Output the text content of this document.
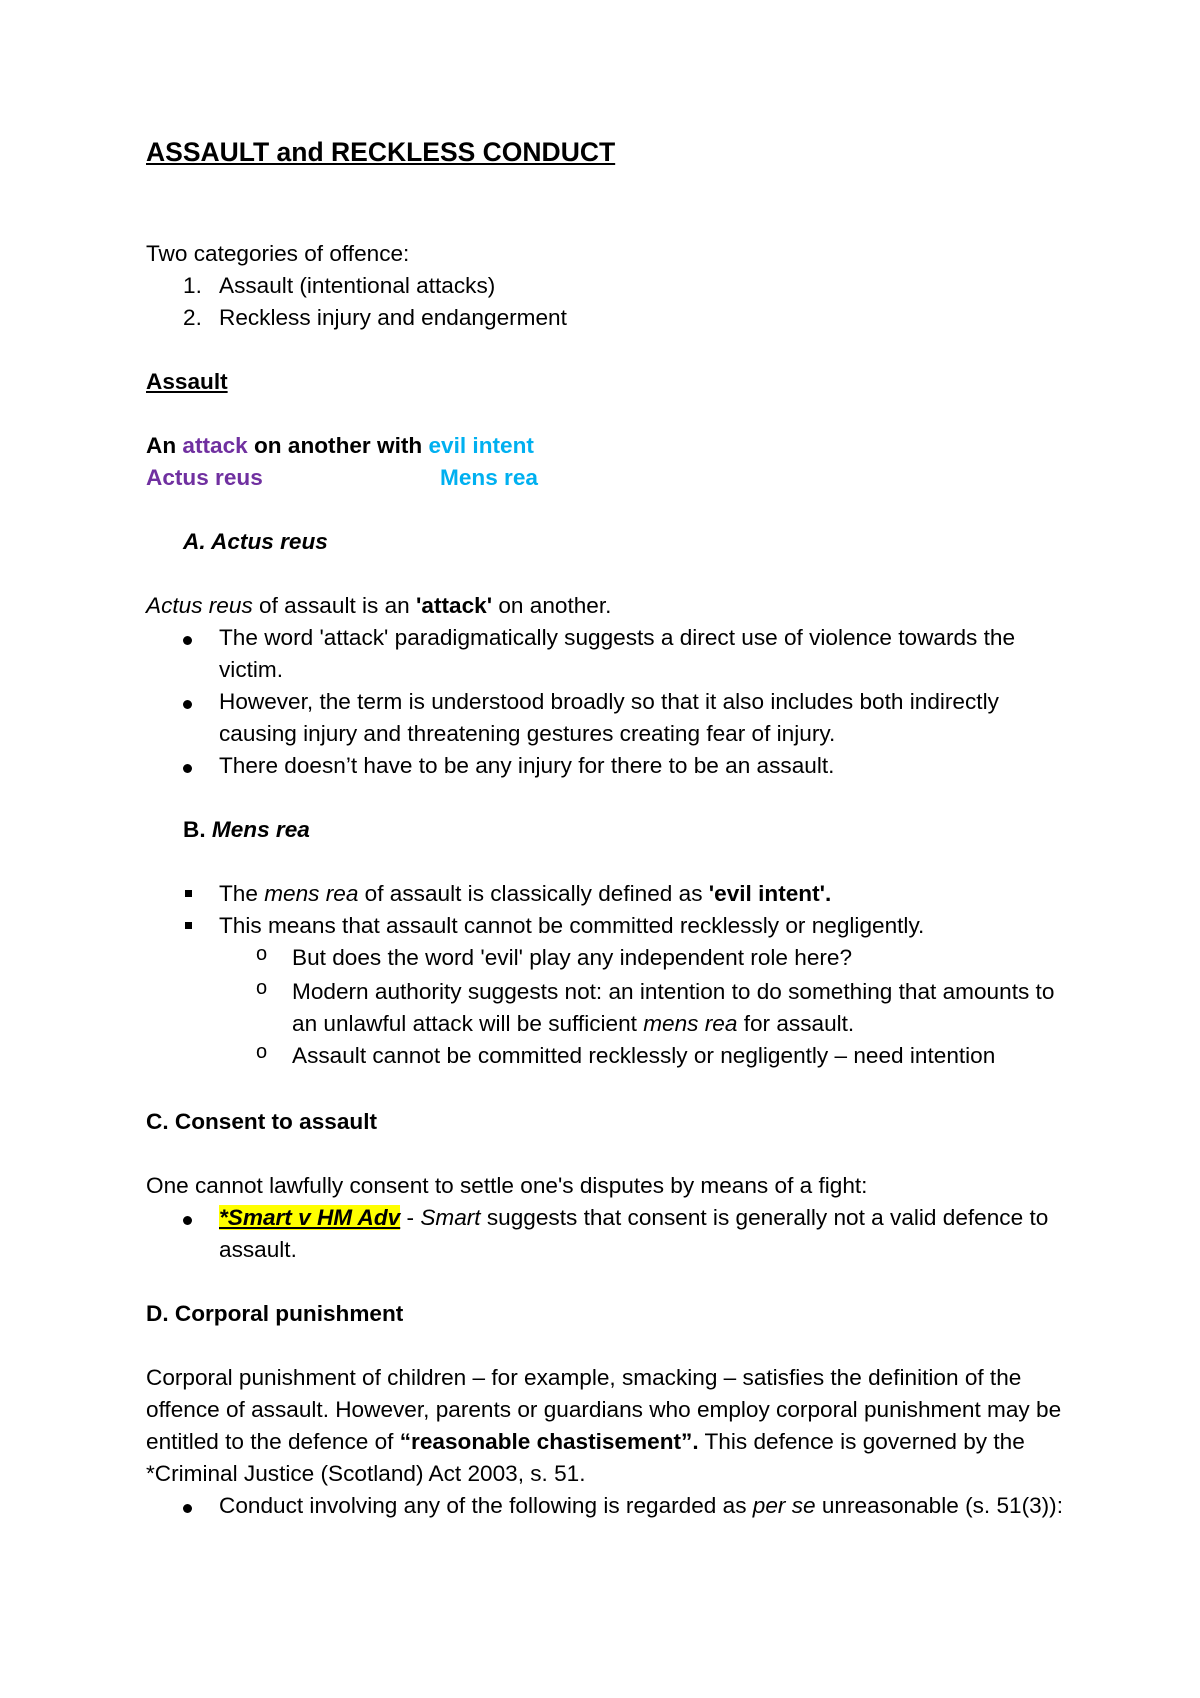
ASSAULT and RECKLESS CONDUCT
Two categories of offence:
1. Assault (intentional attacks)
2. Reckless injury and endangerment
Assault
An attack on another with evil intent
Actus reus	Mens rea
A. Actus reus
Actus reus of assault is an 'attack' on another.
The word 'attack' paradigmatically suggests a direct use of violence towards the victim.
However, the term is understood broadly so that it also includes both indirectly causing injury and threatening gestures creating fear of injury.
There doesn’t have to be any injury for there to be an assault.
B. Mens rea
The mens rea of assault is classically defined as 'evil intent'.
This means that assault cannot be committed recklessly or negligently.
o But does the word 'evil' play any independent role here?
o Modern authority suggests not: an intention to do something that amounts to an unlawful attack will be sufficient mens rea for assault.
o Assault cannot be committed recklessly or negligently – need intention
C. Consent to assault
One cannot lawfully consent to settle one's disputes by means of a fight:
*Smart v HM Adv - Smart suggests that consent is generally not a valid defence to assault.
D. Corporal punishment
Corporal punishment of children – for example, smacking – satisfies the definition of the offence of assault. However, parents or guardians who employ corporal punishment may be entitled to the defence of “reasonable chastisement”. This defence is governed by the *Criminal Justice (Scotland) Act 2003, s. 51.
Conduct involving any of the following is regarded as per se unreasonable (s. 51(3)):
